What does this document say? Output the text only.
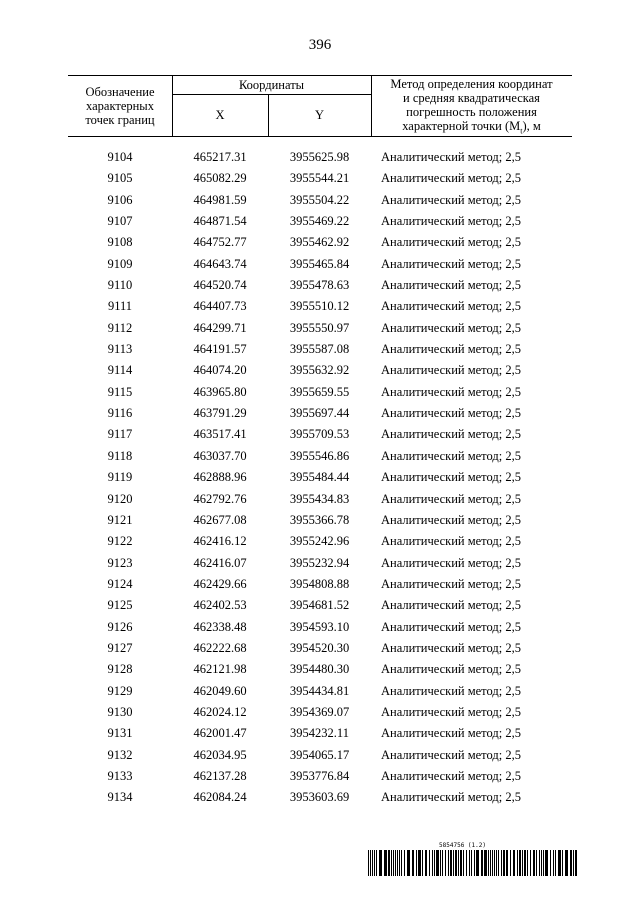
396
Обозначение
характерных
точек границ
Координаты
X	Y
Метод определения координат
и средняя квадратическая
погрешность положения
характерной точки $(M_t)$, м
9104	465217.31	3955625.98	Аналитический метод; 2,5
9105	465082.29	3955544.21	Аналитический метод; 2,5
9106	464981.59	3955504.22	Аналитический метод; 2,5
9107	464871.54	3955469.22	Аналитический метод; 2,5
9108	464752.77	3955462.92	Аналитический метод; 2,5
9109	464643.74	3955465.84	Аналитический метод; 2,5
9110	464520.74	3955478.63	Аналитический метод; 2,5
9111	464407.73	3955510.12	Аналитический метод; 2,5
9112	464299.71	3955550.97	Аналитический метод; 2,5
9113	464191.57	3955587.08	Аналитический метод; 2,5
9114	464074.20	3955632.92	Аналитический метод; 2,5
9115	463965.80	3955659.55	Аналитический метод; 2,5
9116	463791.29	3955697.44	Аналитический метод; 2,5
9117	463517.41	3955709.53	Аналитический метод; 2,5
9118	463037.70	3955546.86	Аналитический метод; 2,5
9119	462888.96	3955484.44	Аналитический метод; 2,5
9120	462792.76	3955434.83	Аналитический метод; 2,5
9121	462677.08	3955366.78	Аналитический метод; 2,5
9122	462416.12	3955242.96	Аналитический метод; 2,5
9123	462416.07	3955232.94	Аналитический метод; 2,5
9124	462429.66	3954808.88	Аналитический метод; 2,5
9125	462402.53	3954681.52	Аналитический метод; 2,5
9126	462338.48	3954593.10	Аналитический метод; 2,5
9127	462222.68	3954520.30	Аналитический метод; 2,5
9128	462121.98	3954480.30	Аналитический метод; 2,5
9129	462049.60	3954434.81	Аналитический метод; 2,5
9130	462024.12	3954369.07	Аналитический метод; 2,5
9131	462001.47	3954232.11	Аналитический метод; 2,5
9132	462034.95	3954065.17	Аналитический метод; 2,5
9133	462137.28	3953776.84	Аналитический метод; 2,5
9134	462084.24	3953603.69	Аналитический метод; 2,5
5854756 (1.2)
